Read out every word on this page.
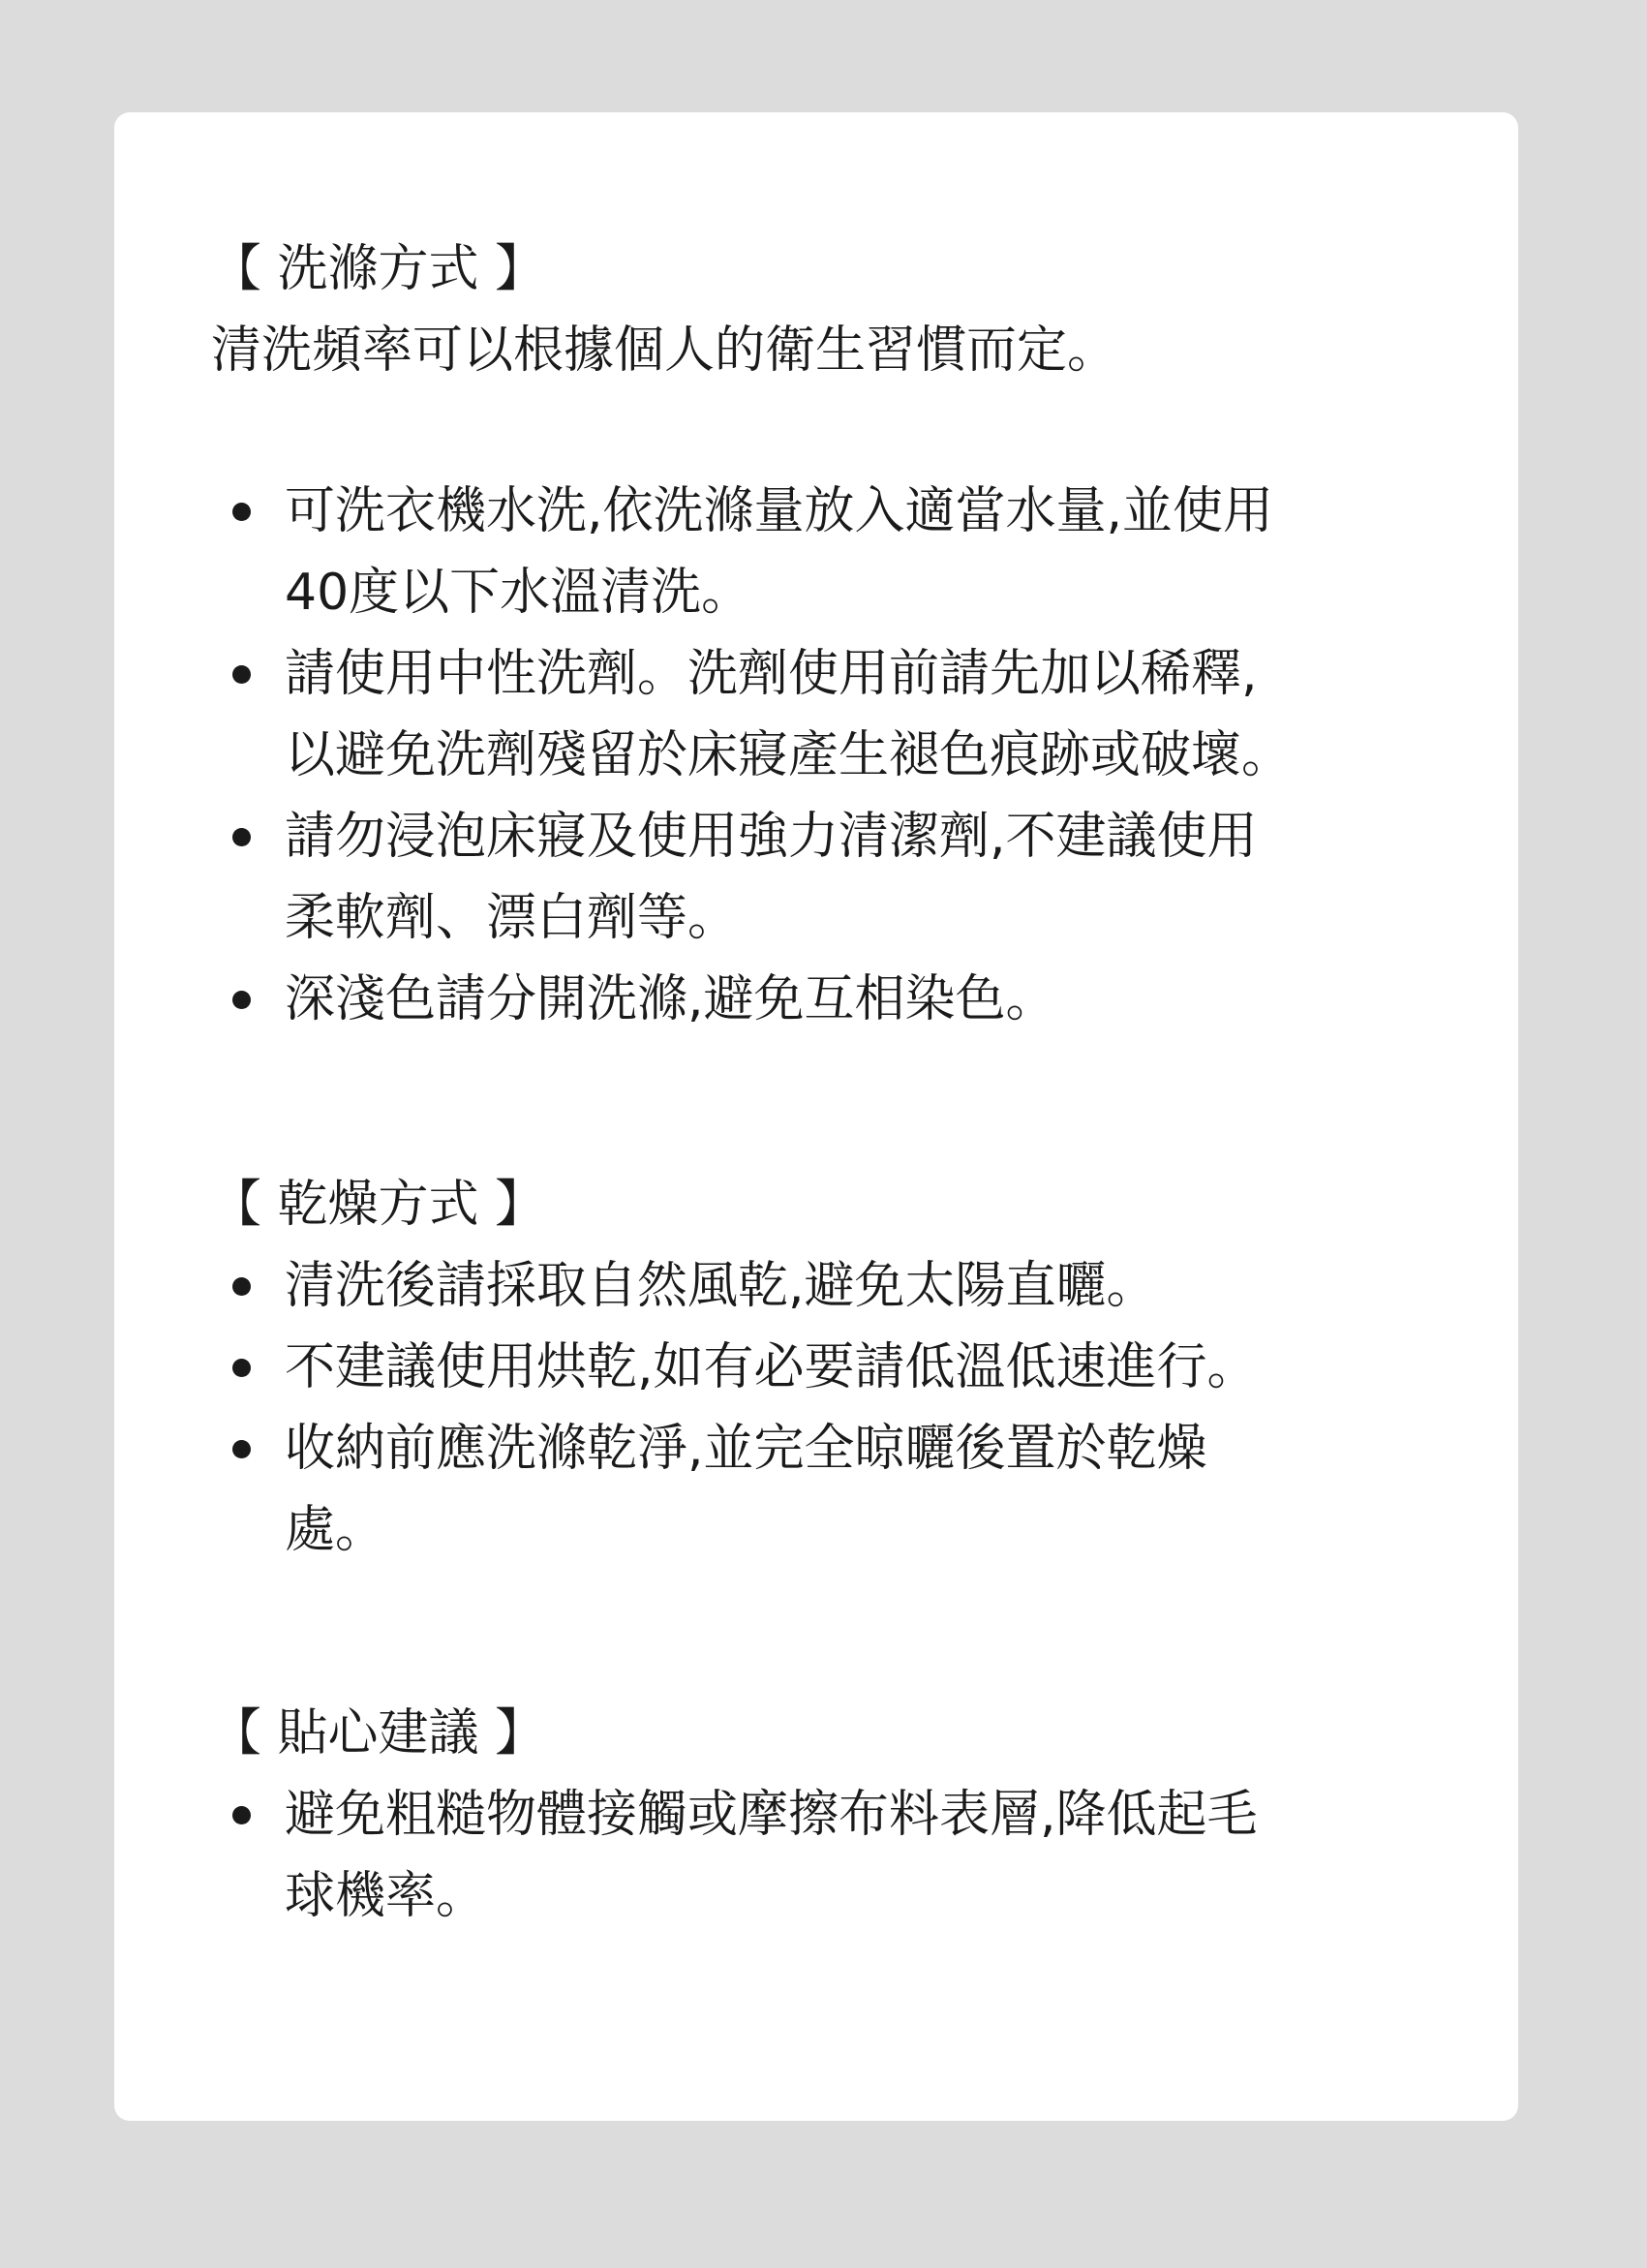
【 洗滌方式 】

清洗頻率可以根據個人的衛生習慣而定。

可洗衣機水洗,依洗滌量放入適當水量,並使用
40度以下水溫清洗。
請使用中性洗劑。洗劑使用前請先加以稀釋,
以避免洗劑殘留於床寢產生褪色痕跡或破壞。
請勿浸泡床寢及使用強力清潔劑,不建議使用
柔軟劑、漂白劑等。
深淺色請分開洗滌,避免互相染色。

【 乾燥方式 】

清洗後請採取自然風乾,避免太陽直曬。
不建議使用烘乾,如有必要請低溫低速進行。
收納前應洗滌乾淨,並完全晾曬後置於乾燥
處。

【 貼心建議 】

避免粗糙物體接觸或摩擦布料表層,降低起毛
球機率。
